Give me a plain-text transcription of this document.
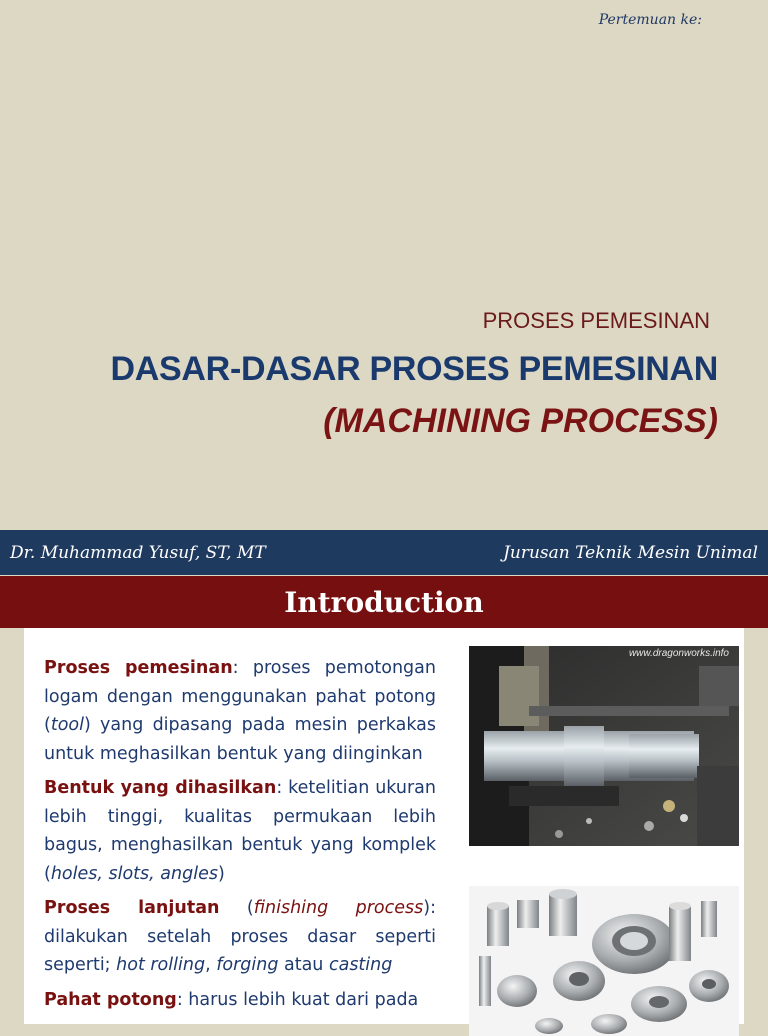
Pertemuan ke:
PROSES PEMESINAN
DASAR-DASAR PROSES PEMESINAN
(MACHINING PROCESS)
Dr. Muhammad Yusuf, ST, MT	Jurusan Teknik Mesin Unimal
Introduction

Proses pemesinan: proses pemotongan logam dengan menggunakan pahat potong (tool) yang dipasang pada mesin perkakas untuk meghasilkan bentuk yang diinginkan

Bentuk yang dihasilkan: ketelitian ukuran lebih tinggi, kualitas permukaan lebih bagus, menghasilkan bentuk yang komplek (holes, slots, angles)

Proses lanjutan (finishing process): dilakukan setelah proses dasar seperti seperti; hot rolling, forging atau casting

Pahat potong: harus lebih kuat dari pada

www.dragonworks.info
